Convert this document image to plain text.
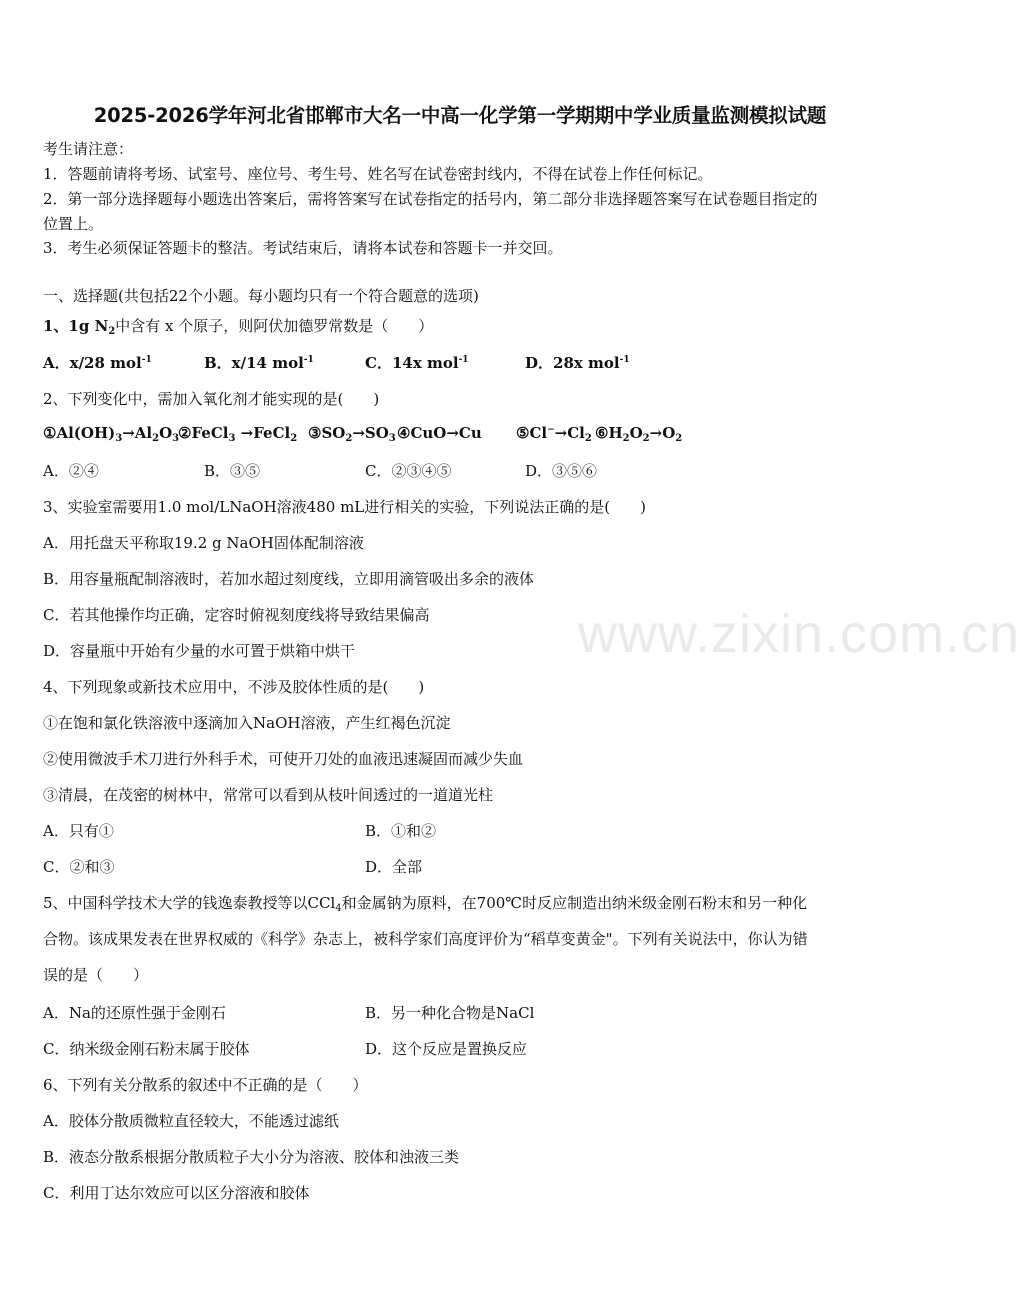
2025-2026学年河北省邯郸市大名一中高一化学第一学期期中学业质量监测模拟试题
考生请注意：
1．答题前请将考场、试室号、座位号、考生号、姓名写在试卷密封线内，不得在试卷上作任何标记。
2．第一部分选择题每小题选出答案后，需将答案写在试卷指定的括号内，第二部分非选择题答案写在试卷题目指定的
位置上。
3．考生必须保证答题卡的整洁。考试结束后，请将本试卷和答题卡一并交回。
一、选择题(共包括22个小题。每小题均只有一个符合题意的选项)
1、1g $N_2$中含有 x 个原子，则阿伏加德罗常数是（　　）
A．x/28 mol$^{-1}$	B．x/14 mol$^{-1}$	C．14x mol$^{-1}$	D．28x mol$^{-1}$
2、下列变化中，需加入氧化剂才能实现的是(　　)
$①Al(OH)_3\to Al_2O_3$
②FeCl$_3$ →FeCl$_2$ $③SO_2\to SO_3$ ④CuO→Cu $⑤Cl^-\to Cl_2$ $⑥H_2O_2\to O_2$
A．②④	B．③⑤	C．②③④⑤	D．③⑤⑥
3、实验室需要用1.0 mol/LNaOH溶液480 mL进行相关的实验，下列说法正确的是(　　)
A．用托盘天平称取19.2 g NaOH固体配制溶液
B．用容量瓶配制溶液时，若加水超过刻度线，立即用滴管吸出多余的液体
C．若其他操作均正确，定容时俯视刻度线将导致结果偏高
D．容量瓶中开始有少量的水可置于烘箱中烘干
4、下列现象或新技术应用中，不涉及胶体性质的是(　　)
①在饱和氯化铁溶液中逐滴加入NaOH溶液，产生红褐色沉淀
②使用微波手术刀进行外科手术，可使开刀处的血液迅速凝固而减少失血
③清晨，在茂密的树林中，常常可以看到从枝叶间透过的一道道光柱
A．只有①	B．①和②
C．②和③	D．全部
5、中国科学技术大学的钱逸泰教授等以CCl$_4$和金属钠为原料，在700℃时反应制造出纳米级金刚石粉末和另一种化
合物。该成果发表在世界权威的《科学》杂志上，被科学家们高度评价为“稻草变黄金"。下列有关说法中，你认为错
误的是（　　）
A．Na的还原性强于金刚石	B．另一种化合物是NaCl
C．纳米级金刚石粉末属于胶体	D．这个反应是置换反应
6、下列有关分散系的叙述中不正确的是（　　）
A．胶体分散质微粒直径较大，不能透过滤纸
B．液态分散系根据分散质粒子大小分为溶液、胶体和浊液三类
C．利用丁达尔效应可以区分溶液和胶体
www.zixin.com.cn
